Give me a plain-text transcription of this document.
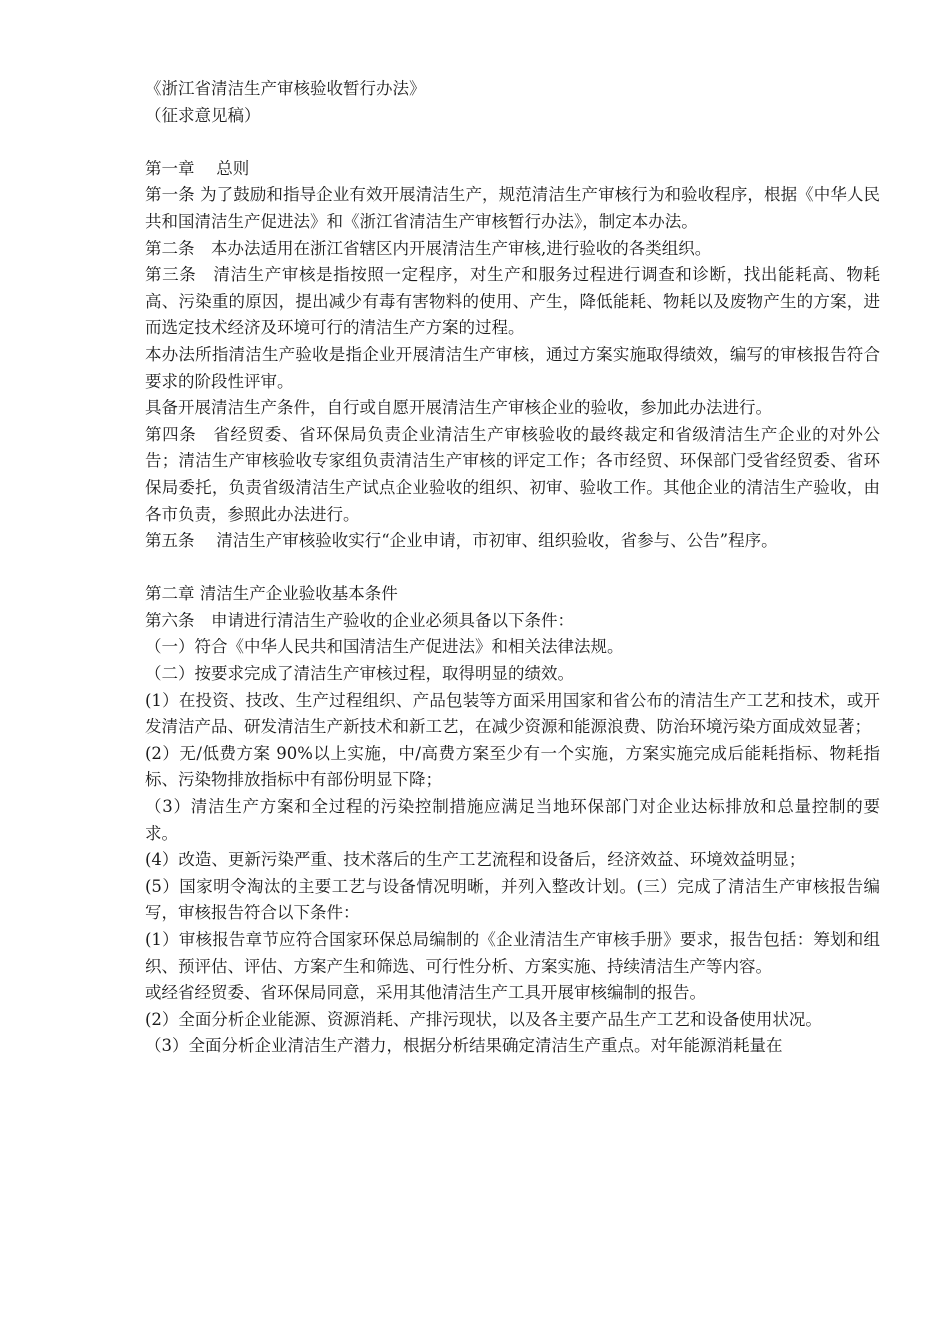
《浙江省清洁生产审核验收暂行办法》

（征求意见稿）

第一章　 总则

第一条 为了鼓励和指导企业有效开展清洁生产，规范清洁生产审核行为和验收程序，根据《中华人民共和国清洁生产促进法》和《浙江省清洁生产审核暂行办法》，制定本办法。

第二条　本办法适用在浙江省辖区内开展清洁生产审核,进行验收的各类组织。

第三条　清洁生产审核是指按照一定程序，对生产和服务过程进行调查和诊断，找出能耗高、物耗高、污染重的原因，提出减少有毒有害物料的使用、产生，降低能耗、物耗以及废物产生的方案，进而选定技术经济及环境可行的清洁生产方案的过程。

本办法所指清洁生产验收是指企业开展清洁生产审核，通过方案实施取得绩效，编写的审核报告符合要求的阶段性评审。

具备开展清洁生产条件，自行或自愿开展清洁生产审核企业的验收，参加此办法进行。

第四条　省经贸委、省环保局负责企业清洁生产审核验收的最终裁定和省级清洁生产企业的对外公告；清洁生产审核验收专家组负责清洁生产审核的评定工作；各市经贸、环保部门受省经贸委、省环保局委托，负责省级清洁生产试点企业验收的组织、初审、验收工作。其他企业的清洁生产验收，由各市负责，参照此办法进行。

第五条　 清洁生产审核验收实行“企业申请，市初审、组织验收，省参与、公告”程序。

第二章 清洁生产企业验收基本条件

第六条　申请进行清洁生产验收的企业必须具备以下条件：

（一）符合《中华人民共和国清洁生产促进法》和相关法律法规。

（二）按要求完成了清洁生产审核过程，取得明显的绩效。

(1）在投资、技改、生产过程组织、产品包装等方面采用国家和省公布的清洁生产工艺和技术，或开发清洁产品、研发清洁生产新技术和新工艺，在减少资源和能源浪费、防治环境污染方面成效显著；

(2）无/低费方案 90%以上实施，中/高费方案至少有一个实施，方案实施完成后能耗指标、物耗指标、污染物排放指标中有部份明显下降；

（3）清洁生产方案和全过程的污染控制措施应满足当地环保部门对企业达标排放和总量控制的要求。

(4）改造、更新污染严重、技术落后的生产工艺流程和设备后，经济效益、环境效益明显；

(5）国家明令淘汰的主要工艺与设备情况明晰，并列入整改计划。(三）完成了清洁生产审核报告编写，审核报告符合以下条件：

(1）审核报告章节应符合国家环保总局编制的《企业清洁生产审核手册》要求，报告包括：筹划和组织、预评估、评估、方案产生和筛选、可行性分析、方案实施、持续清洁生产等内容。

或经省经贸委、省环保局同意，采用其他清洁生产工具开展审核编制的报告。

(2）全面分析企业能源、资源消耗、产排污现状，以及各主要产品生产工艺和设备使用状况。

（3）全面分析企业清洁生产潜力，根据分析结果确定清洁生产重点。对年能源消耗量在
